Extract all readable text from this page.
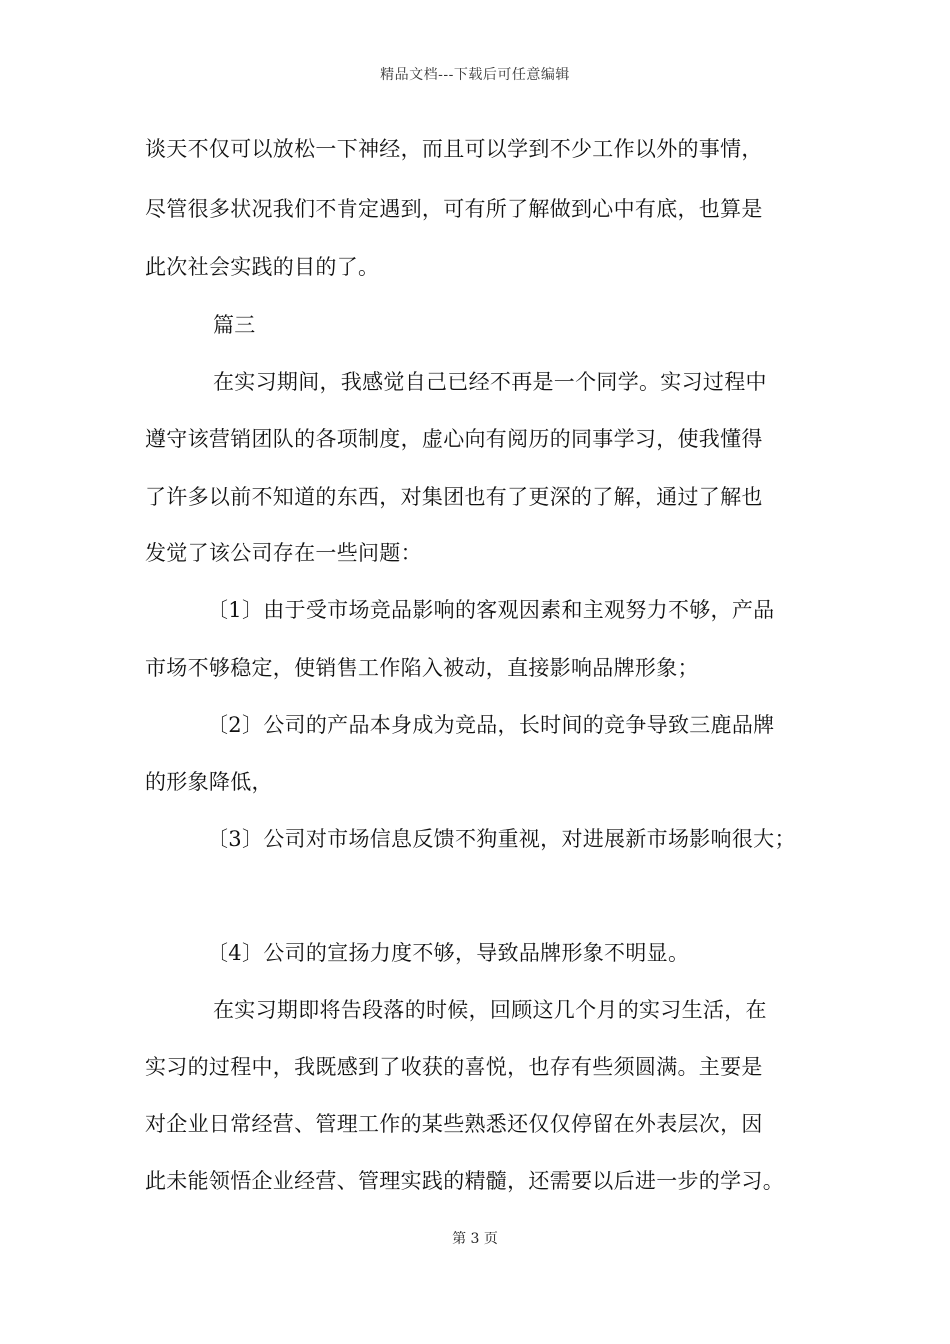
精品文档---下载后可任意编辑
谈天不仅可以放松一下神经，而且可以学到不少工作以外的事情，
尽管很多状况我们不肯定遇到，可有所了解做到心中有底，也算是
此次社会实践的目的了。
篇三
在实习期间，我感觉自己已经不再是一个同学。实习过程中
遵守该营销团队的各项制度，虚心向有阅历的同事学习，使我懂得
了许多以前不知道的东西，对集团也有了更深的了解，通过了解也
发觉了该公司存在一些问题：
〔1〕由于受市场竞品影响的客观因素和主观努力不够，产品
市场不够稳定，使销售工作陷入被动，直接影响品牌形象；
〔2〕公司的产品本身成为竞品，长时间的竞争导致三鹿品牌
的形象降低，
〔3〕公司对市场信息反馈不狗重视，对进展新市场影响很大；
〔4〕公司的宣扬力度不够，导致品牌形象不明显。
在实习期即将告段落的时候，回顾这几个月的实习生活，在
实习的过程中，我既感到了收获的喜悦，也存有些须圆满。主要是
对企业日常经营、管理工作的某些熟悉还仅仅停留在外表层次，因
此未能领悟企业经营、管理实践的精髓，还需要以后进一步的学习。
第 3 页
